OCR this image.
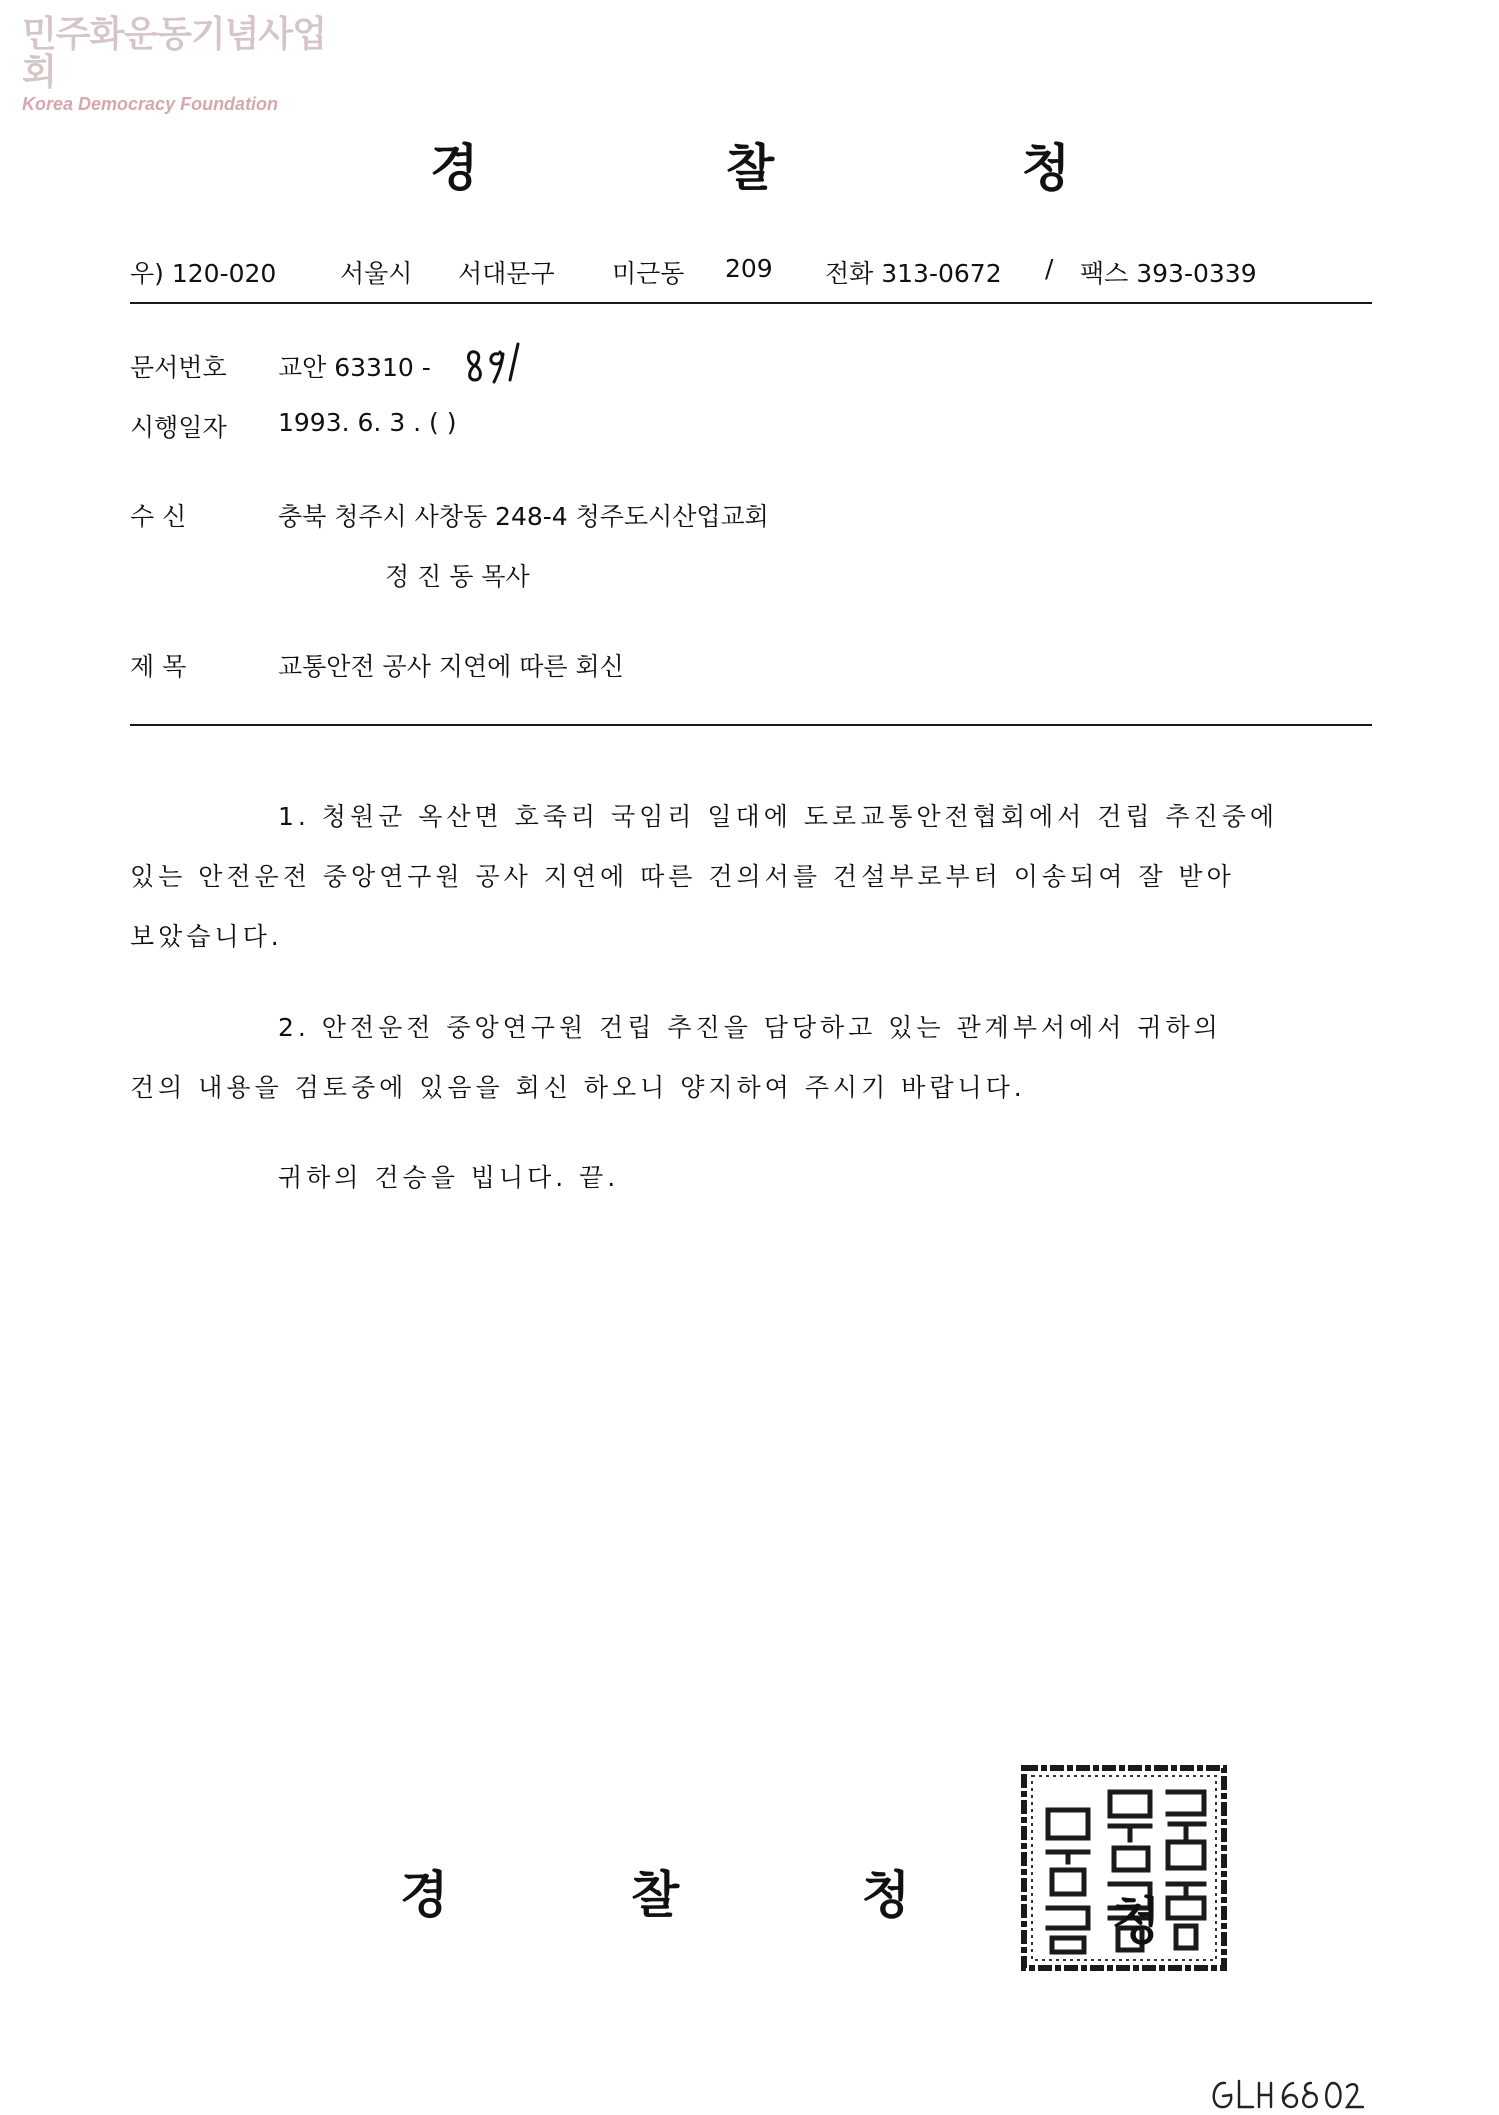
민주화운동기념사업회
Korea Democracy Foundation
경	찰	청
우) 120-020	서울시 서대문구 미근동 209 전화 313-0672 / 팩스 393-0339
문서번호 교안 63310 -
시행일자 1993. 6. 3 . ( )
수 신	충북 청주시 사창동 248-4 청주도시산업교회
정 진 동 목사
제 목	교통안전 공사 지연에 따른 회신
1. 청원군 옥산면 호죽리 국임리 일대에 도로교통안전협회에서 건립 추진중에
있는 안전운전 중앙연구원 공사 지연에 따른 건의서를 건설부로부터 이송되여 잘 받아
보았습니다.
2. 안전운전 중앙연구원 건립 추진을 담당하고 있는 관계부서에서 귀하의
건의 내용을 검토중에 있음을 회신 하오니 양지하여 주시기 바랍니다.
귀하의 건승을 빕니다. 끝.
경	찰	청	청
